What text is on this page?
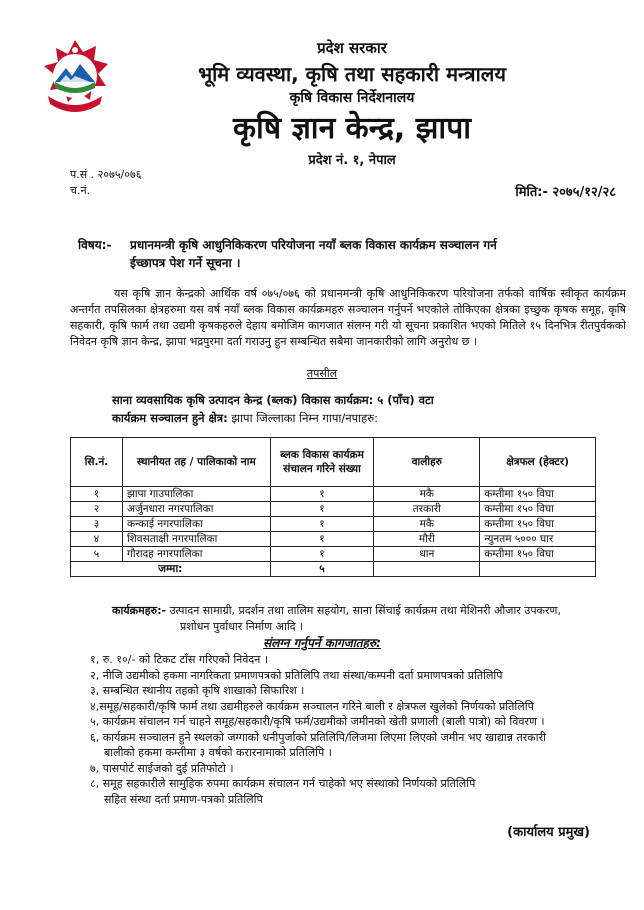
प्रदेश सरकार
भूमि व्यवस्था, कृषि तथा सहकारी मन्त्रालय
कृषि विकास निर्देशनालय
कृषि ज्ञान केन्द्र, झापा
प्रदेश नं. १, नेपाल
प.सं . २०७५/०७६
च.नं.	मिति:- २०७५/१२/२८
विषय:- प्रधानमन्त्री कृषि आधुनिकिकरण परियोजना नयाँ ब्लक विकास कार्यक्रम सञ्चालन गर्न
ईच्छापत्र पेश गर्ने सूचना ।
यस कृषि ज्ञान केन्द्रको आर्थिक वर्ष ०७५/०७६ को प्रधानमन्त्री कृषि आधुनिकिकरण परियोजना तर्फको वार्षिक स्वीकृत कार्यक्रम अन्तर्गत तपसिलका क्षेत्रहरुमा यस वर्ष नयाँ ब्लक विकास कार्यक्रमहरु सञ्चालन गर्नुपर्ने भएकोले तोकिएका क्षेत्रका इच्छुक कृषक समूह, कृषि सहकारी, कृषि फार्म तथा उद्यमी कृषकहरुले देहाय बमोजिम कागजात संलग्न गरी यो सूचना प्रकाशित भएको मितिले १५ दिनभित्र रीतपुर्वकको निवेदन कृषि ज्ञान केन्द्र, झापा भद्रपुरमा दर्ता गराउनु हुन सम्बन्धित सबैमा जानकारीको लागि अनुरोध छ ।
तपसील
साना व्यवसायिक कृषि उत्पादन केन्द्र (ब्लक) विकास कार्यक्रम: ५ (पाँच) वटा
कार्यक्रम सञ्चालन हुने क्षेत्र: झापा जिल्लाका निम्न गापा/नपाहरु:
सि.नं.	स्थानीयत तह / पालिकाको नाम	ब्लक विकास कार्यक्रम संचालन गरिने संख्या	वालीहरु	क्षेत्रफल (हेक्टर)
१	झापा गाउपालिका	१	मकै	कम्तीमा १५० विघा
२	अर्जुनधारा नगरपालिका	१	तरकारी	कम्तीमा १५० विघा
३	कन्काई नगरपालिका	१	मकै	कम्तीमा १५० विघा
४	शिवसताक्षी नगरपालिका	१	मौरी	न्युनतम ५००० घार
५	गौरादह नगरपालिका	१	धान	कम्तीमा १५० विघा
जम्मा:		५		
कार्यक्रमहरु:- उत्पादन सामाग्री, प्रदर्शन तथा तालिम सहयोग, साना सिंचाई कार्यक्रम तथा मेशिनरी औजार उपकरण,
प्रशोधन पुर्वाधार निर्माण आदि ।
संलग्न गर्नुपर्ने कागजातहरु:
१, रु. १०/- को टिकट टाँस गरिएको निवेदन ।
२, नीजि उद्यमीको हकमा नागरिकता प्रमाणपत्रको प्रतिलिपि तथा संस्था/कम्पनी दर्ता प्रमाणपत्रको प्रतिलिपि
३, सम्बन्धित स्थानीय तहको कृषि शाखाको सिफारिश ।
४,समूह/सहकारी/कृषि फार्म तथा उद्यमीहरुले कार्यक्रम सञ्चालन गरिने बाली र क्षेत्रफल खुलेको निर्णयको प्रतिलिपि
५, कार्यक्रम संचालन गर्न चाहने समूह/सहकारी/कृषि फर्म/उद्यमीको जमीनको खेती प्रणाली (बाली पात्रो) को विवरण ।
६, कार्यक्रम सञ्चालन हुने स्थलको जग्गाको धनीपुर्जाको प्रतिलिपि/लिजमा लिएमा लिएको जमीन भए खाद्यान्न तरकारी
बालीको हकमा कम्तीमा ३ वर्षको करारनामाको प्रतिलिपि ।
७, पासपोर्ट साईजको दुई प्रतिफोटो ।
८, समूह सहकारीले सामुहिक रुपमा कार्यक्रम संचालन गर्न चाहेको भए संस्थाको निर्णयको प्रतिलिपि
सहित संस्था दर्ता प्रमाण-पत्रको प्रतिलिपि
(कार्यालय प्रमुख)
